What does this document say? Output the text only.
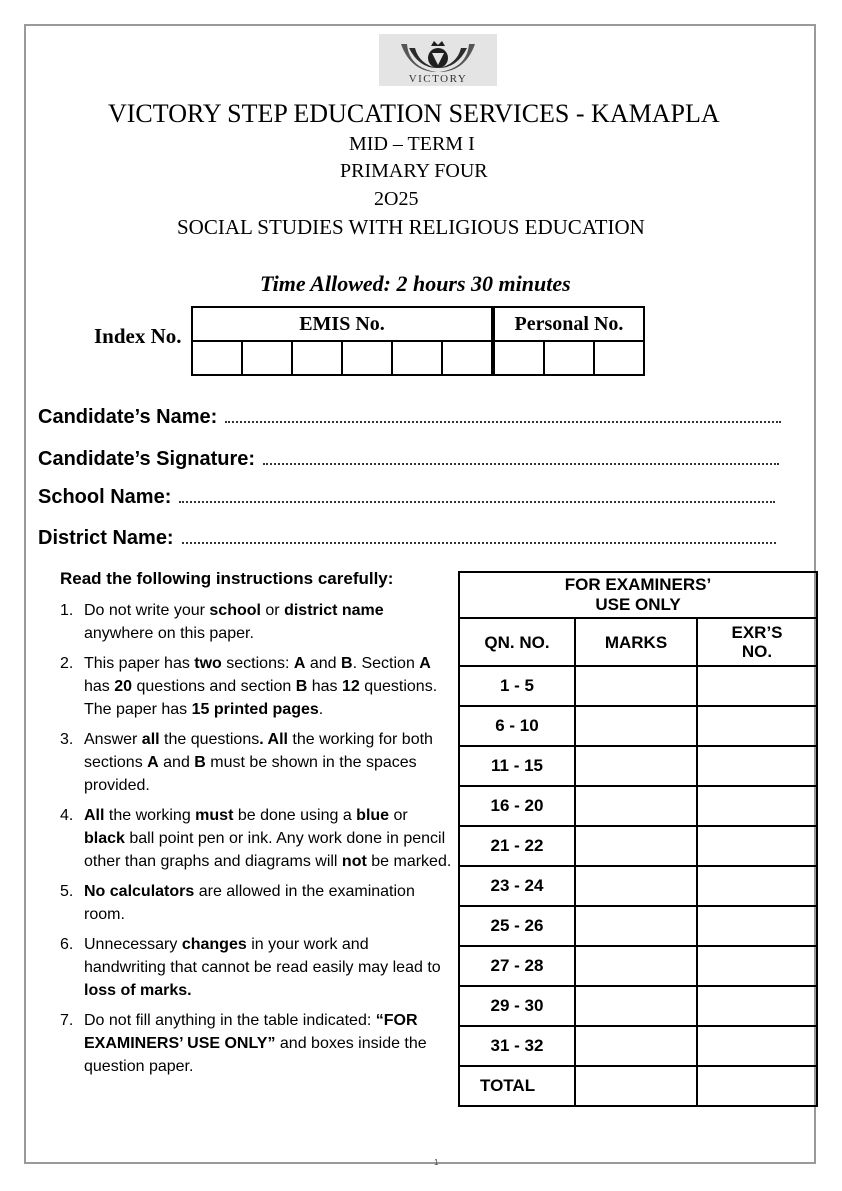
VICTORY
VICTORY STEP EDUCATION SERVICES - KAMAPLA
MID – TERM I
PRIMARY FOUR
2O25
SOCIAL STUDIES WITH RELIGIOUS EDUCATION
Time Allowed: 2 hours 30 minutes
Index No.
EMIS No.						Personal No.		

Candidate’s Name:
Candidate’s Signature:
School Name:
District Name:
Read the following instructions carefully:
1. Do not write your school or district name anywhere on this paper.
2. This paper has two sections: A and B. Section A has 20 questions and section B has 12 questions. The paper has 15 printed pages.
3. Answer all the questions. All the working for both sections A and B must be shown in the spaces provided.
4. All the working must be done using a blue or black ball point pen or ink. Any work done in pencil other than graphs and diagrams will not be marked.
5. No calculators are allowed in the examination room.
6. Unnecessary changes in your work and handwriting that cannot be read easily may lead to loss of marks.
7. Do not fill anything in the table indicated: “FOR EXAMINERS’ USE ONLY” and boxes inside the question paper.
FOR EXAMINERS’
USE ONLY		

QN. NO.	MARKS	EXR’S
NO.

1 - 5		
6 - 10		
11 - 15		
16 - 20		
21 - 22		
23 - 24		
25 - 26		
27 - 28		
29 - 30		
31 - 32		
TOTAL		
1
